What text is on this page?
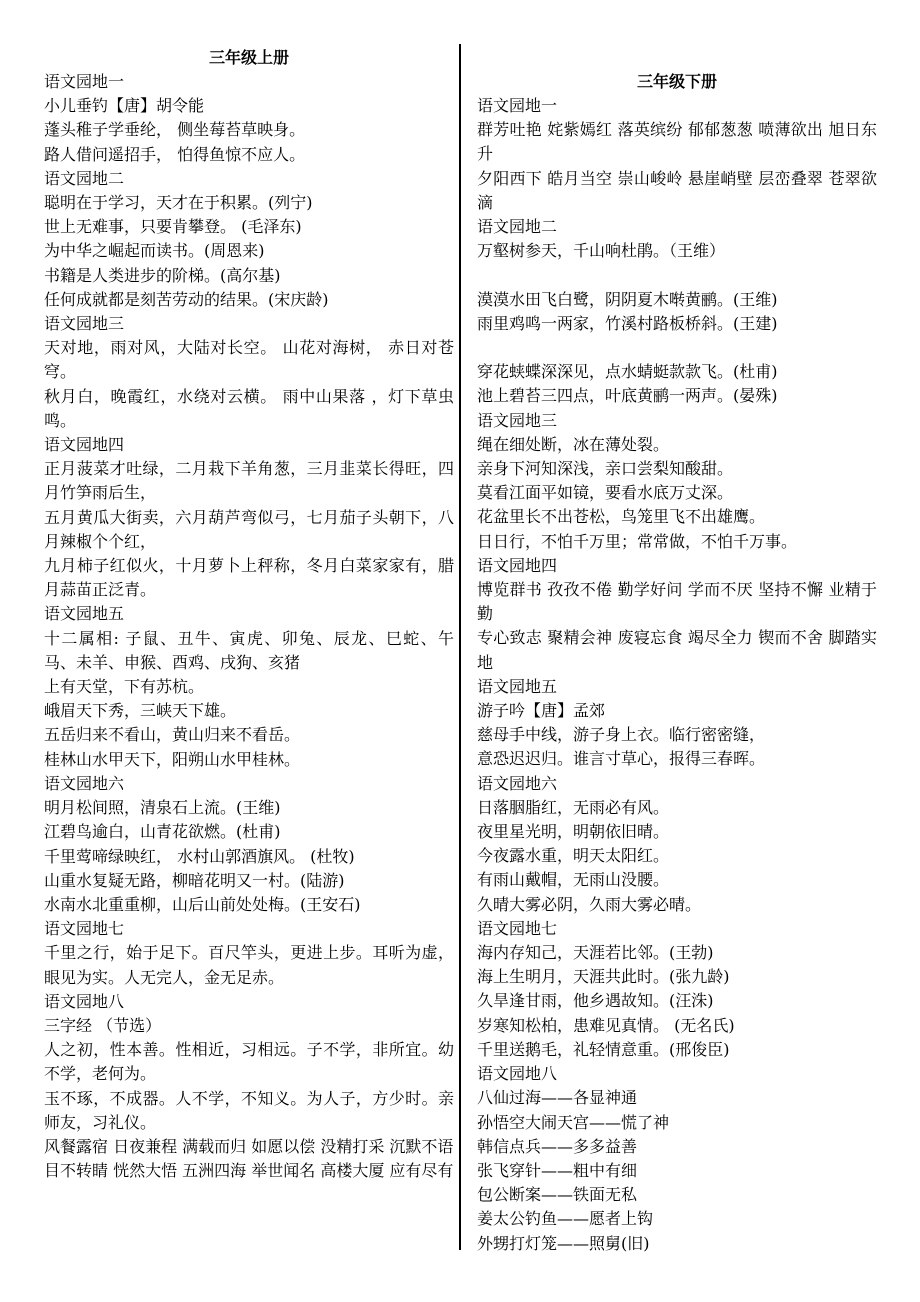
三年级上册
语文园地一
小儿垂钓【唐】胡令能
蓬头稚子学垂纶， 侧坐莓苔草映身。
路人借问遥招手， 怕得鱼惊不应人。
语文园地二
聪明在于学习，天才在于积累。(列宁)
世上无难事，只要肯攀登。 (毛泽东)
为中华之崛起而读书。(周恩来)
书籍是人类进步的阶梯。(高尔基)
任何成就都是刻苦劳动的结果。(宋庆龄)
语文园地三
天对地，雨对风，大陆对长空。 山花对海树， 赤日对苍穹。
秋月白，晚霞红，水绕对云横。 雨中山果落 ，灯下草虫鸣。
语文园地四
正月菠菜才吐绿，二月栽下羊角葱，三月韭菜长得旺，四月竹笋雨后生，
五月黄瓜大街卖，六月葫芦弯似弓，七月茄子头朝下，八月辣椒个个红，
九月柿子红似火，十月萝卜上秤称，冬月白菜家家有，腊月蒜苗正泛青。
语文园地五
十二属相: 子鼠、丑牛、寅虎、卯兔、辰龙、巳蛇、午马、未羊、申猴、酉鸡、戌狗、亥猪
上有天堂，下有苏杭。
峨眉天下秀，三峡天下雄。
五岳归来不看山，黄山归来不看岳。
桂林山水甲天下，阳朔山水甲桂林。
语文园地六
明月松间照，清泉石上流。(王维)
江碧鸟逾白，山青花欲燃。(杜甫)
千里莺啼绿映红， 水村山郭酒旗风。 (杜牧)
山重水复疑无路，柳暗花明又一村。(陆游)
水南水北重重柳，山后山前处处梅。(王安石)
语文园地七
千里之行，始于足下。百尺竿头，更进上步。耳听为虚，眼见为实。人无完人，金无足赤。
语文园地八
三字经 （节选）
人之初，性本善。性相近，习相远。子不学，非所宜。幼不学，老何为。
玉不琢，不成器。人不学，不知义。为人子，方少时。亲师友，习礼仪。
风餐露宿 日夜兼程 满载而归 如愿以偿 没精打采 沉默不语
目不转睛 恍然大悟 五洲四海 举世闻名 高楼大厦 应有尽有
三年级下册
语文园地一
群芳吐艳 姹紫嫣红 落英缤纷 郁郁葱葱 喷薄欲出 旭日东升
夕阳西下 皓月当空 崇山峻岭 悬崖峭壁 层峦叠翠 苍翠欲滴
语文园地二
万壑树参天，千山响杜鹃。（王维）
漠漠水田飞白鹭，阴阴夏木啭黄鹂。(王维)
雨里鸡鸣一两家，竹溪村路板桥斜。(王建)
穿花蛱蝶深深见，点水蜻蜓款款飞。(杜甫)
池上碧苔三四点，叶底黄鹂一两声。(晏殊)
语文园地三
绳在细处断，冰在薄处裂。
亲身下河知深浅，亲口尝梨知酸甜。
莫看江面平如镜，要看水底万丈深。
花盆里长不出苍松，鸟笼里飞不出雄鹰。
日日行，不怕千万里；常常做，不怕千万事。
语文园地四
博览群书 孜孜不倦 勤学好问 学而不厌 坚持不懈 业精于勤
专心致志 聚精会神 废寝忘食 竭尽全力 锲而不舍 脚踏实地
语文园地五
游子吟【唐】孟郊
慈母手中线，游子身上衣。临行密密缝，
意恐迟迟归。谁言寸草心，报得三春晖。
语文园地六
日落胭脂红，无雨必有风。
夜里星光明，明朝依旧晴。
今夜露水重，明天太阳红。
有雨山戴帽，无雨山没腰。
久晴大雾必阴，久雨大雾必晴。
语文园地七
海内存知己，天涯若比邻。(王勃)
海上生明月，天涯共此时。(张九龄)
久旱逢甘雨，他乡遇故知。(汪洙)
岁寒知松柏，患难见真情。 (无名氏)
千里送鹅毛，礼轻情意重。(邢俊臣)
语文园地八
八仙过海——各显神通
孙悟空大闹天宫——慌了神
韩信点兵——多多益善
张飞穿针——粗中有细
包公断案——铁面无私
姜太公钓鱼——愿者上钩
外甥打灯笼——照舅(旧)
